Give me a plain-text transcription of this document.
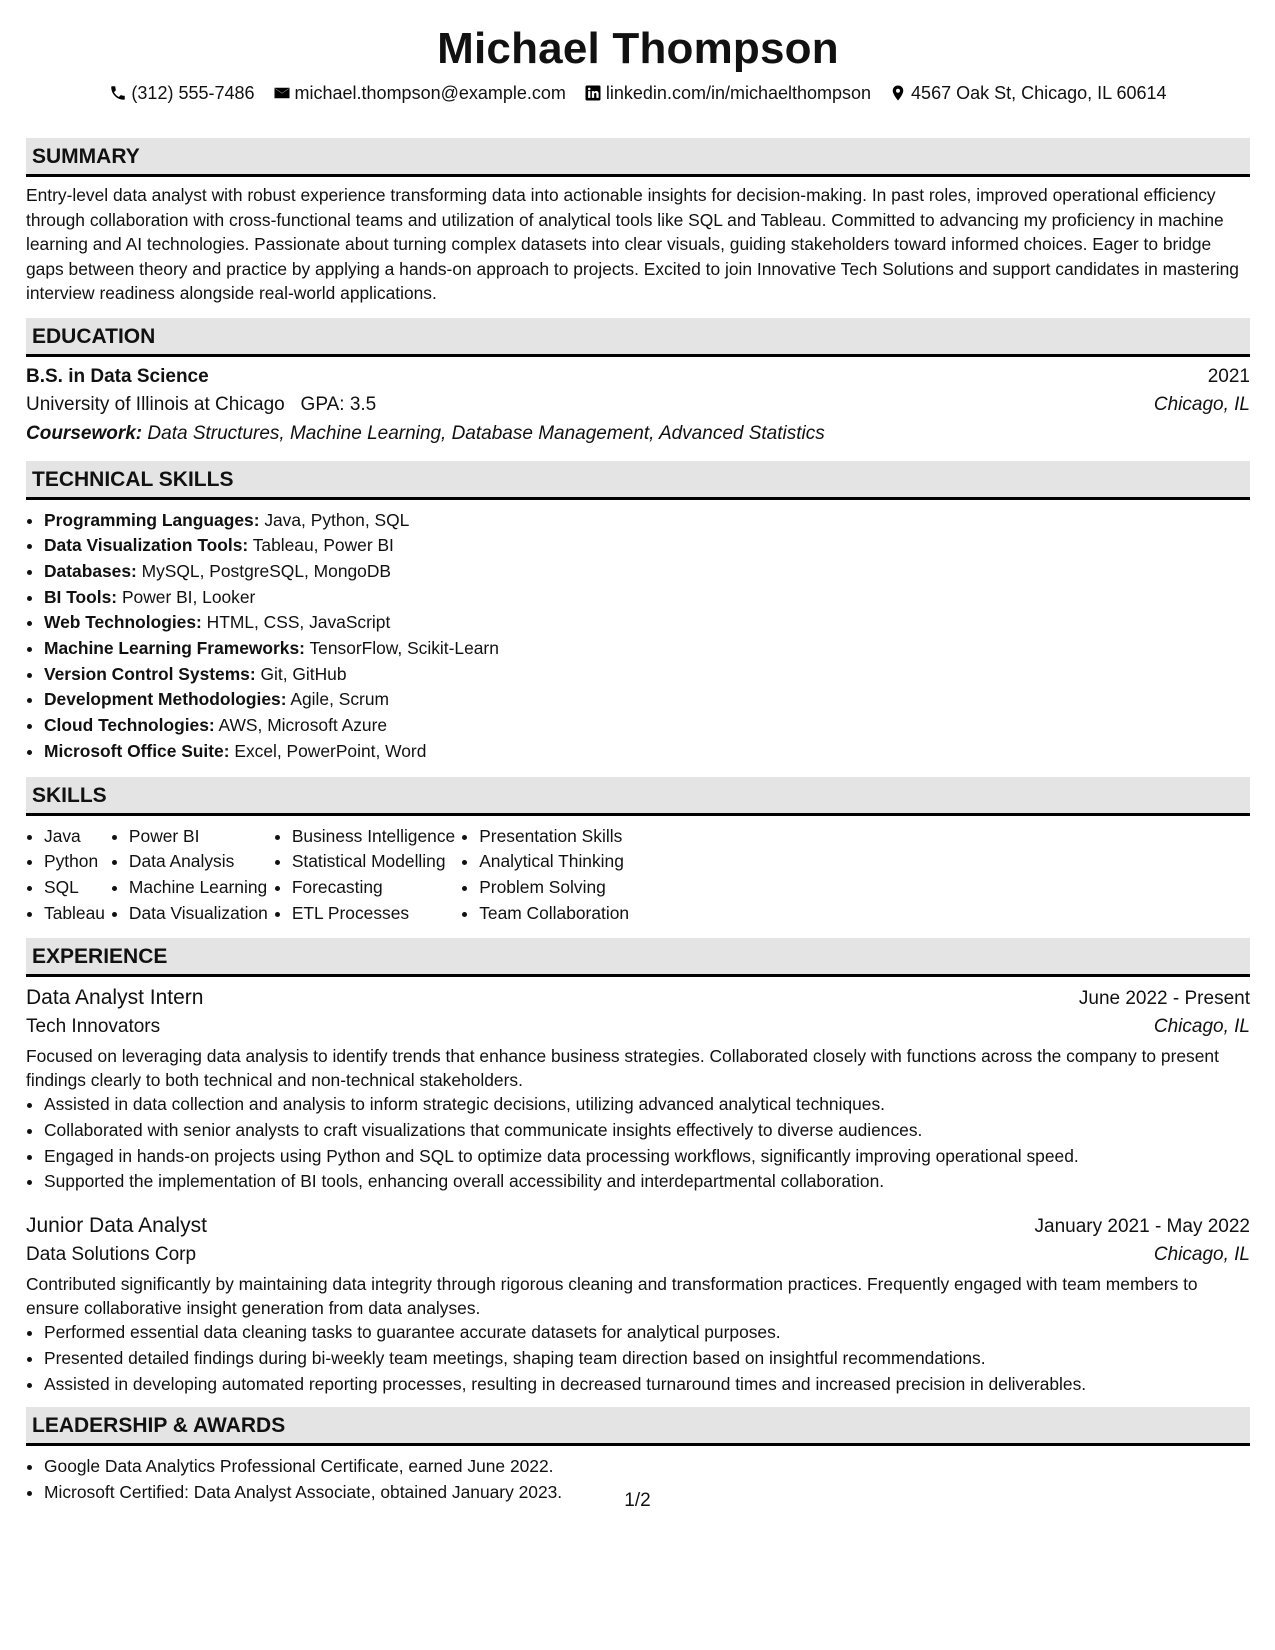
Michael Thompson
(312) 555-7486 michael.thompson@example.com linkedin.com/in/michaelthompson 4567 Oak St, Chicago, IL 60614
SUMMARY

Entry-level data analyst with robust experience transforming data into actionable insights for decision-making. In past roles, improved operational efficiency through collaboration with cross-functional teams and utilization of analytical tools like SQL and Tableau. Committed to advancing my proficiency in machine learning and AI technologies. Passionate about turning complex datasets into clear visuals, guiding stakeholders toward informed choices. Eager to bridge gaps between theory and practice by applying a hands-on approach to projects. Excited to join Innovative Tech Solutions and support candidates in mastering interview readiness alongside real-world applications.

EDUCATION
B.S. in Data Science	2021
University of Illinois at Chicago   GPA: 3.5	Chicago, IL
Coursework: Data Structures, Machine Learning, Database Management, Advanced Statistics
TECHNICAL SKILLS
• Programming Languages: Java, Python, SQL
• Data Visualization Tools: Tableau, Power BI
• Databases: MySQL, PostgreSQL, MongoDB
• BI Tools: Power BI, Looker
• Web Technologies: HTML, CSS, JavaScript
• Machine Learning Frameworks: TensorFlow, Scikit-Learn
• Version Control Systems: Git, GitHub
• Development Methodologies: Agile, Scrum
• Cloud Technologies: AWS, Microsoft Azure
• Microsoft Office Suite: Excel, PowerPoint, Word
SKILLS
• Java
• Python
• SQL
• Tableau
• Power BI
• Data Analysis
• Machine Learning
• Data Visualization
• Business Intelligence
• Statistical Modelling
• Forecasting
• ETL Processes
• Presentation Skills
• Analytical Thinking
• Problem Solving
• Team Collaboration
EXPERIENCE
Data Analyst Intern	June 2022 - Present
Tech Innovators	Chicago, IL

Focused on leveraging data analysis to identify trends that enhance business strategies. Collaborated closely with functions across the company to present findings clearly to both technical and non-technical stakeholders.

• Assisted in data collection and analysis to inform strategic decisions, utilizing advanced analytical techniques.
• Collaborated with senior analysts to craft visualizations that communicate insights effectively to diverse audiences.
• Engaged in hands-on projects using Python and SQL to optimize data processing workflows, significantly improving operational speed.
• Supported the implementation of BI tools, enhancing overall accessibility and interdepartmental collaboration.
Junior Data Analyst	January 2021 - May 2022
Data Solutions Corp	Chicago, IL

Contributed significantly by maintaining data integrity through rigorous cleaning and transformation practices. Frequently engaged with team members to ensure collaborative insight generation from data analyses.

• Performed essential data cleaning tasks to guarantee accurate datasets for analytical purposes.
• Presented detailed findings during bi-weekly team meetings, shaping team direction based on insightful recommendations.
• Assisted in developing automated reporting processes, resulting in decreased turnaround times and increased precision in deliverables.
LEADERSHIP & AWARDS
• Google Data Analytics Professional Certificate, earned June 2022.
• Microsoft Certified: Data Analyst Associate, obtained January 2023.	1/2
